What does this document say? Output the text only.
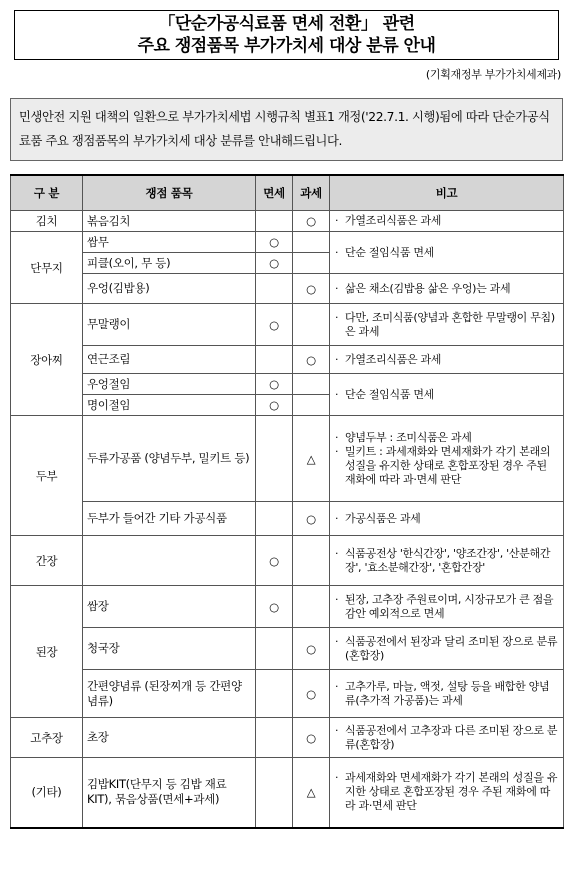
「단순가공식료품 면세 전환」 관련
주요 쟁점품목 부가가치세 대상 분류 안내
(기획재정부 부가가치세제과)
민생안전 지원 대책의 일환으로 부가가치세법 시행규칙 별표1 개정('22.7.1. 시행)됨에 따라 단순가공식료품 주요 쟁점품목의 부가가치세 대상 분류를 안내해드립니다.
구 분	쟁점 품목	면세	과세	비고
김치	볶음김치		○	· 가열조리식품은 과세

단무지	쌈무	○		· 단순 절임식품 면세

	피클(오이, 무 등)	○		
	우엉(김밥용)		○	· 삶은 채소(김밥용 삶은 우엉)는 과세

장아찌	무말랭이	○		· 다만, 조미식품(양념과 혼합한 무말랭이 무침)은 과세

	연근조림		○	· 가열조리식품은 과세

	우엉절임	○		· 단순 절임식품 면세

	명이절임	○		
두부	두류가공품 (양념두부, 밀키트 등)		△	· 양념두부 : 조미식품은 과세
· 밀키트 : 과세재화와 면세재화가 각기 본래의 성질을 유지한 상태로 혼합포장된 경우 주된 재화에 따라 과·면세 판단

	두부가 들어간 기타 가공식품		○	· 가공식품은 과세

간장		○		· 식품공전상 '한식간장', '양조간장', '산분해간장', '효소분해간장', '혼합간장'

된장	쌈장	○		· 된장, 고추장 주원료이며, 시장규모가 큰 점을 감안 예외적으로 면세

	청국장		○	· 식품공전에서 된장과 달리 조미된 장으로 분류(혼합장)

	간편양념류 (된장찌개 등 간편양념류)		○	· 고추가루, 마늘, 액젓, 설탕 등을 배합한 양념류(추가적 가공품)는 과세

고추장	초장		○	· 식품공전에서 고추장과 다른 조미된 장으로 분류(혼합장)

(기타)	김밥KIT(단무지 등 김밥 재료 KIT), 묶음상품(면세+과세)		△	· 과세재화와 면세재화가 각기 본래의 성질을 유지한 상태로 혼합포장된 경우 주된 재화에 따라 과·면세 판단
